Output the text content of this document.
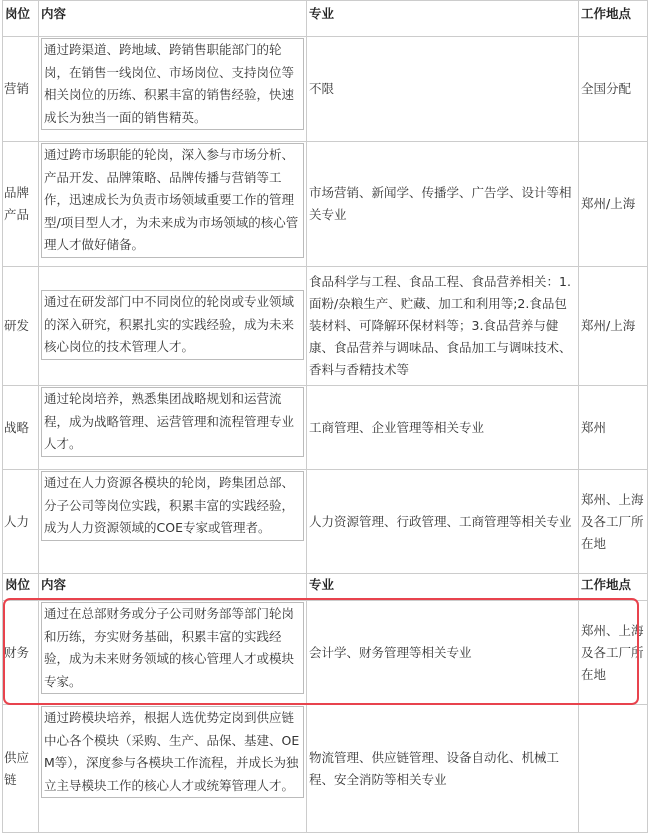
岗位	内容	专业	工作地点
营销	通过跨渠道、跨地域、跨销售职能部门的轮岗，在销售一线岗位、市场岗位、支持岗位等相关岗位的历练、积累丰富的销售经验，快速成长为独当一面的销售精英。	不限	全国分配
品牌产品	通过跨市场职能的轮岗，深入参与市场分析、产品开发、品牌策略、品牌传播与营销等工作，迅速成长为负责市场领域重要工作的管理型/项目型人才，为未来成为市场领域的核心管理人才做好储备。	市场营销、新闻学、传播学、广告学、设计等相关专业	郑州/上海
研发	通过在研发部门中不同岗位的轮岗或专业领域的深入研究，积累扎实的实践经验，成为未来核心岗位的技术管理人才。	食品科学与工程、食品工程、食品营养相关：1.面粉/杂粮生产、贮藏、加工和利用等;2.食品包装材料、可降解环保材料等；3.食品营养与健康、食品营养与调味品、食品加工与调味技术、香料与香精技术等	郑州/上海
战略	通过轮岗培养，熟悉集团战略规划和运营流程，成为战略管理、运营管理和流程管理专业人才。	工商管理、企业管理等相关专业	郑州
人力	通过在人力资源各模块的轮岗，跨集团总部、分子公司等岗位实践，积累丰富的实践经验，成为人力资源领域的COE专家或管理者。	人力资源管理、行政管理、工商管理等相关专业	郑州、上海及各工厂所在地
岗位	内容	专业	工作地点
财务	通过在总部财务或分子公司财务部等部门轮岗和历练，夯实财务基础，积累丰富的实践经验，成为未来财务领域的核心管理人才或模块专家。	会计学、财务管理等相关专业	郑州、上海及各工厂所在地
供应链	通过跨模块培养，根据人选优势定岗到供应链中心各个模块（采购、生产、品保、基建、OEM等），深度参与各模块工作流程，并成长为独立主导模块工作的核心人才或统筹管理人才。	物流管理、供应链管理、设备自动化、机械工程、安全消防等相关专业	
